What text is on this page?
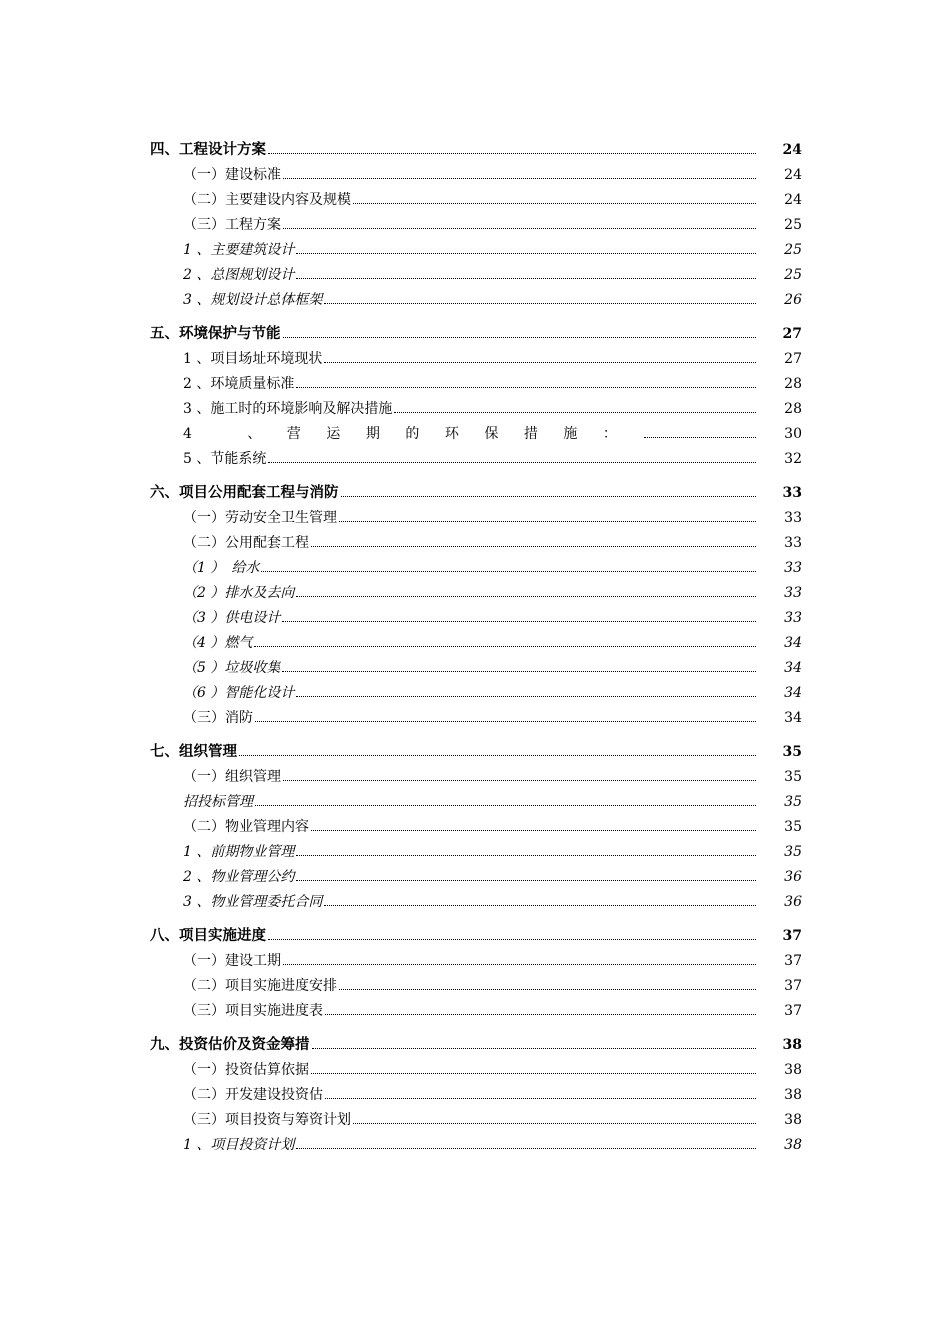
四、工程设计方案	24
（一）建设标准	24
（二）主要建设内容及规模	24
（三）工程方案	25
1 、主要建筑设计	25
2 、总图规划设计	25
3 、规划设计总体框架	26
五、环境保护与节能	27
1 、项目场址环境现状	27
2 、环境质量标准	28
3 、施工时的环境影响及解决措施	28
4 、营运期的环保措施：	30
5 、节能系统	32
六、项目公用配套工程与消防	33
（一）劳动安全卫生管理	33
（二）公用配套工程	33
（1 ）　给水	33
（2 ）排水及去向	33
（3 ）供电设计	33
（4 ）燃气	34
（5 ）垃圾收集	34
（6 ）智能化设计	34
（三）消防	34
七、组织管理	35
（一）组织管理	35
招投标管理	35
（二）物业管理内容	35
1 、前期物业管理	35
2 、物业管理公约	36
3 、物业管理委托合同	36
八、项目实施进度	37
（一）建设工期	37
（二）项目实施进度安排	37
（三）项目实施进度表	37
九、投资估价及资金筹措	38
（一）投资估算依据	38
（二）开发建设投资估	38
（三）项目投资与筹资计划	38
1 、项目投资计划	38
